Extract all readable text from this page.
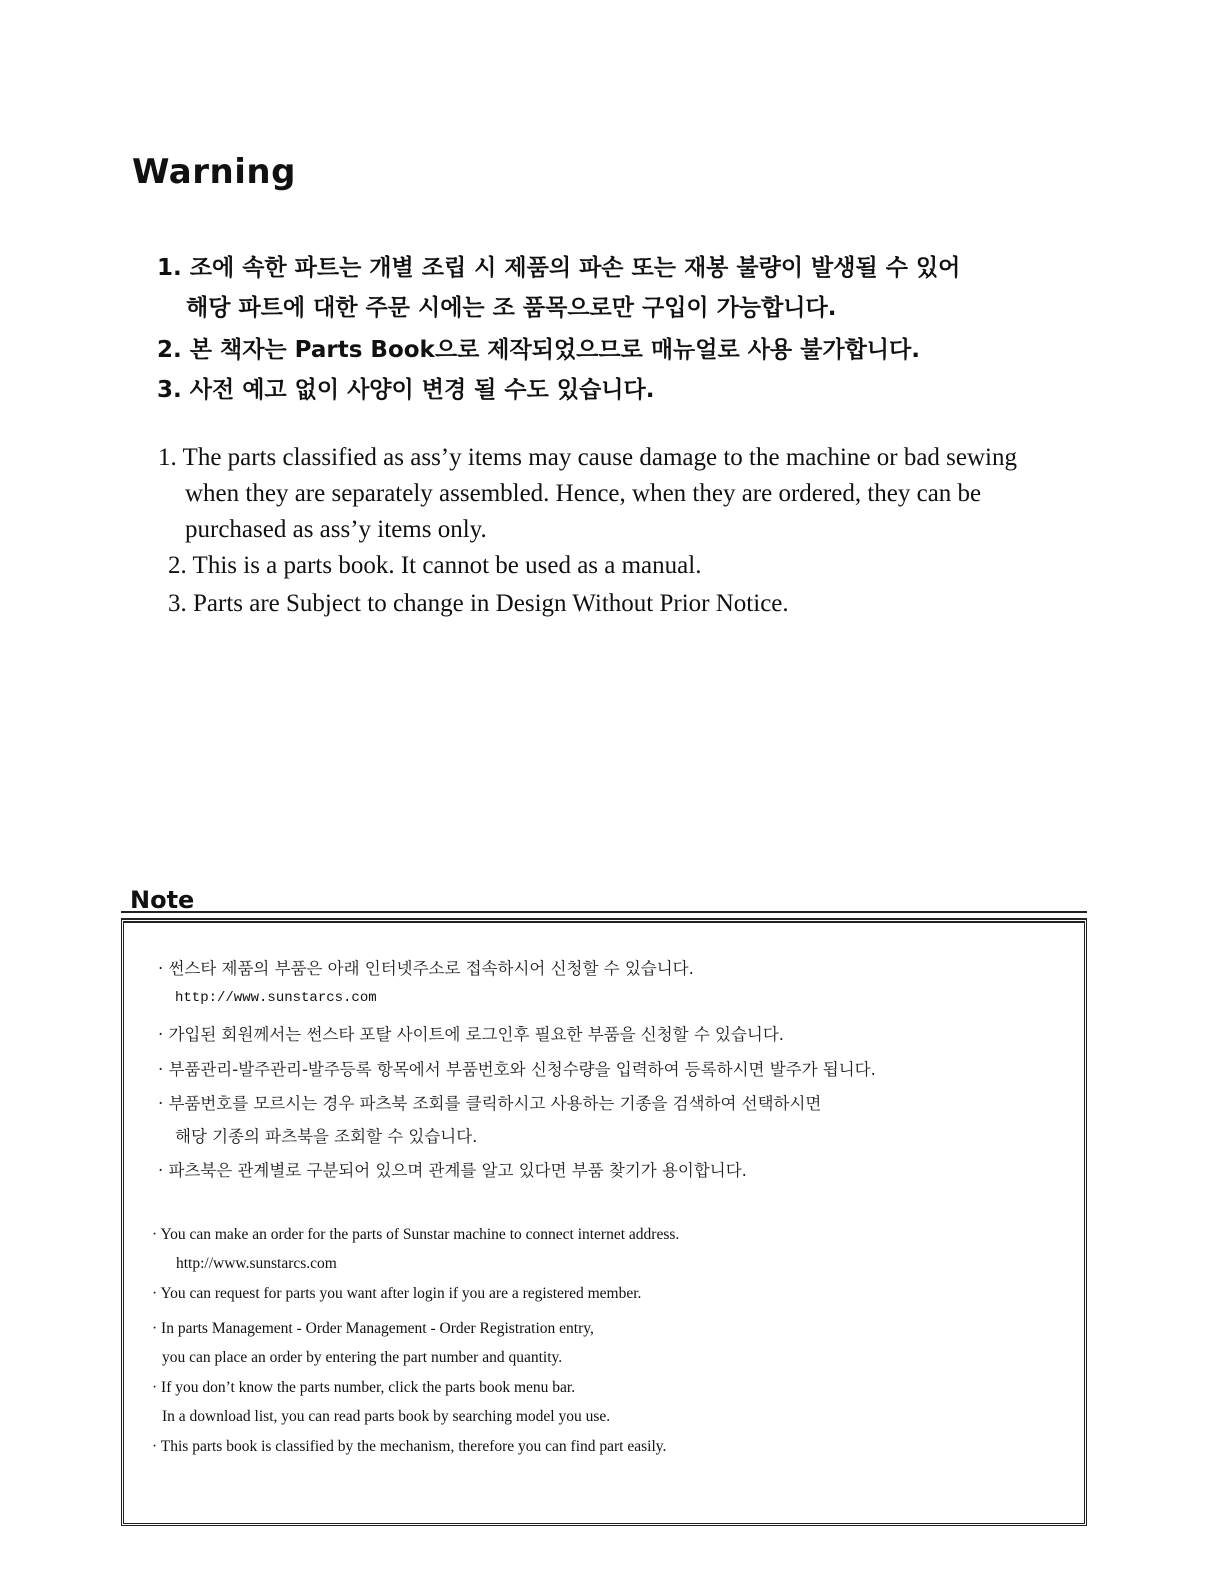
Warning
1. 조에 속한 파트는 개별 조립 시 제품의 파손 또는 재봉 불량이 발생될 수 있어
해당 파트에 대한 주문 시에는 조 품목으로만 구입이 가능합니다.
2. 본 책자는 Parts Book으로 제작되었으므로 매뉴얼로 사용 불가합니다.
3. 사전 예고 없이 사양이 변경 될 수도 있습니다.
1. The parts classified as ass’y items may cause damage to the machine or bad sewing
when they are separately assembled. Hence, when they are ordered, they can be
purchased as ass’y items only.
2. This is a parts book. It cannot be used as a manual.
3. Parts are Subject to change in Design Without Prior Notice.
Note
· 썬스타 제품의 부품은 아래 인터넷주소로 접속하시어 신청할 수 있습니다.
http://www.sunstarcs.com
· 가입된 회원께서는 썬스타 포탈 사이트에 로그인후 필요한 부품을 신청할 수 있습니다.
· 부품관리-발주관리-발주등록 항목에서 부품번호와 신청수량을 입력하여 등록하시면 발주가 됩니다.
· 부품번호를 모르시는 경우 파츠북 조회를 클릭하시고 사용하는 기종을 검색하여 선택하시면
해당 기종의 파츠북을 조회할 수 있습니다.
· 파츠북은 관계별로 구분되어 있으며 관계를 알고 있다면 부품 찾기가 용이합니다.
· You can make an order for the parts of Sunstar machine to connect internet address.
http://www.sunstarcs.com
· You can request for parts you want after login if you are a registered member.
· In parts Management - Order Management - Order Registration entry,
you can place an order by entering the part number and quantity.
· If you don’t know the parts number, click the parts book menu bar.
In a download list, you can read parts book by searching model you use.
· This parts book is classified by the mechanism, therefore you can find part easily.
